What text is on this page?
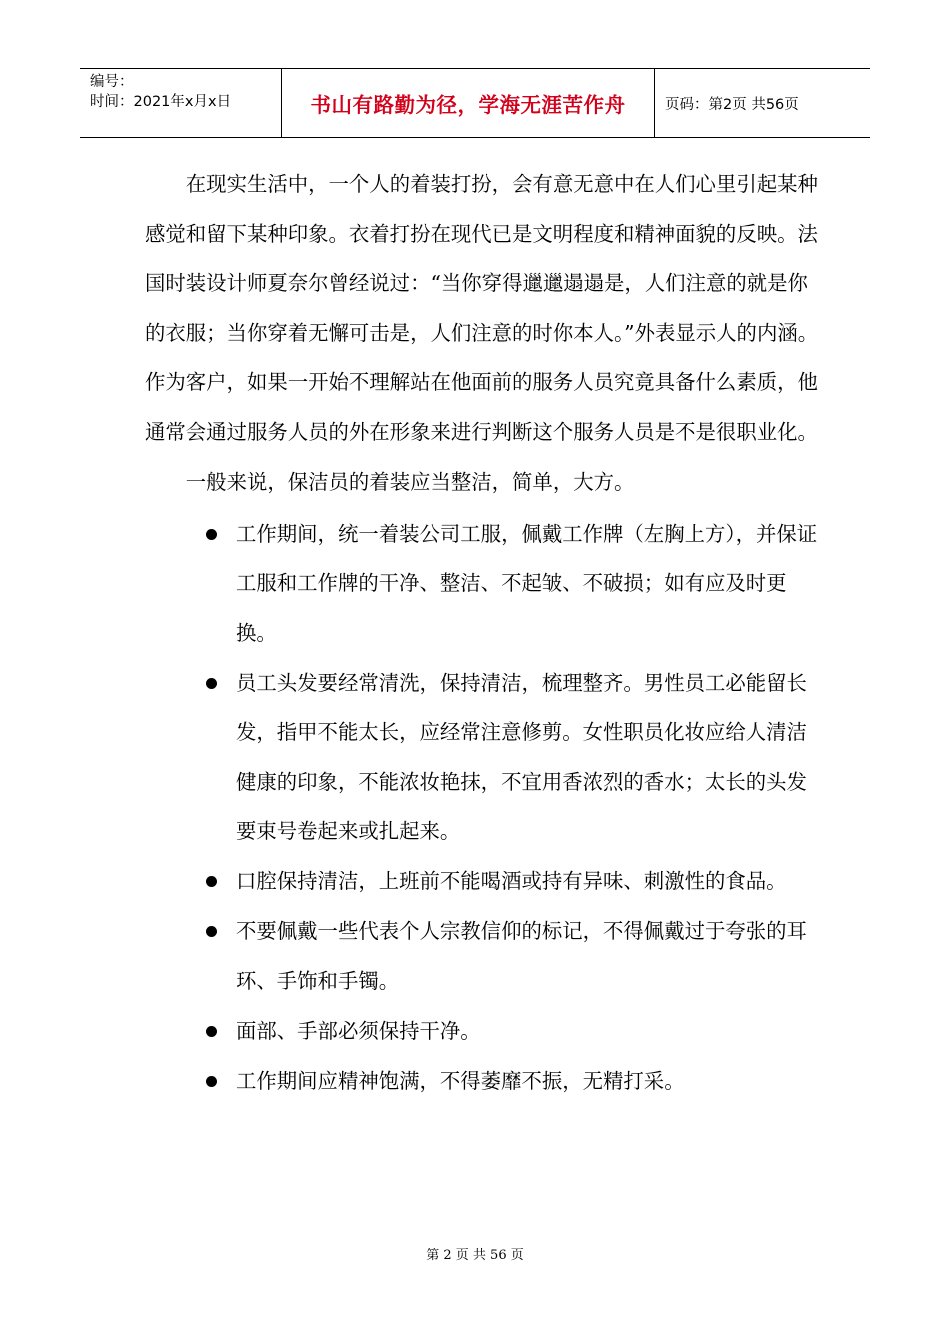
编号：
时间：2021年x月x日	书山有路勤为径，学海无涯苦作舟	页码：第2页 共56页

在现实生活中，一个人的着装打扮，会有意无意中在人们心里引起某种感觉和留下某种印象。衣着打扮在现代已是文明程度和精神面貌的反映。法国时装设计师夏奈尔曾经说过：“当你穿得邋邋遢遢是，人们注意的就是你的衣服；当你穿着无懈可击是，人们注意的时你本人。”外表显示人的内涵。作为客户，如果一开始不理解站在他面前的服务人员究竟具备什么素质，他通常会通过服务人员的外在形象来进行判断这个服务人员是不是很职业化。

一般来说，保洁员的着装应当整洁，简单，大方。

工作期间，统一着装公司工服，佩戴工作牌（左胸上方），并保证工服和工作牌的干净、整洁、不起皱、不破损；如有应及时更换。
员工头发要经常清洗，保持清洁，梳理整齐。男性员工必能留长发，指甲不能太长，应经常注意修剪。女性职员化妆应给人清洁健康的印象，不能浓妆艳抹，不宜用香浓烈的香水；太长的头发要束号卷起来或扎起来。
口腔保持清洁，上班前不能喝酒或持有异味、刺激性的食品。
不要佩戴一些代表个人宗教信仰的标记，不得佩戴过于夸张的耳环、手饰和手镯。
面部、手部必须保持干净。
工作期间应精神饱满，不得萎靡不振，无精打采。
第 2 页 共 56 页
